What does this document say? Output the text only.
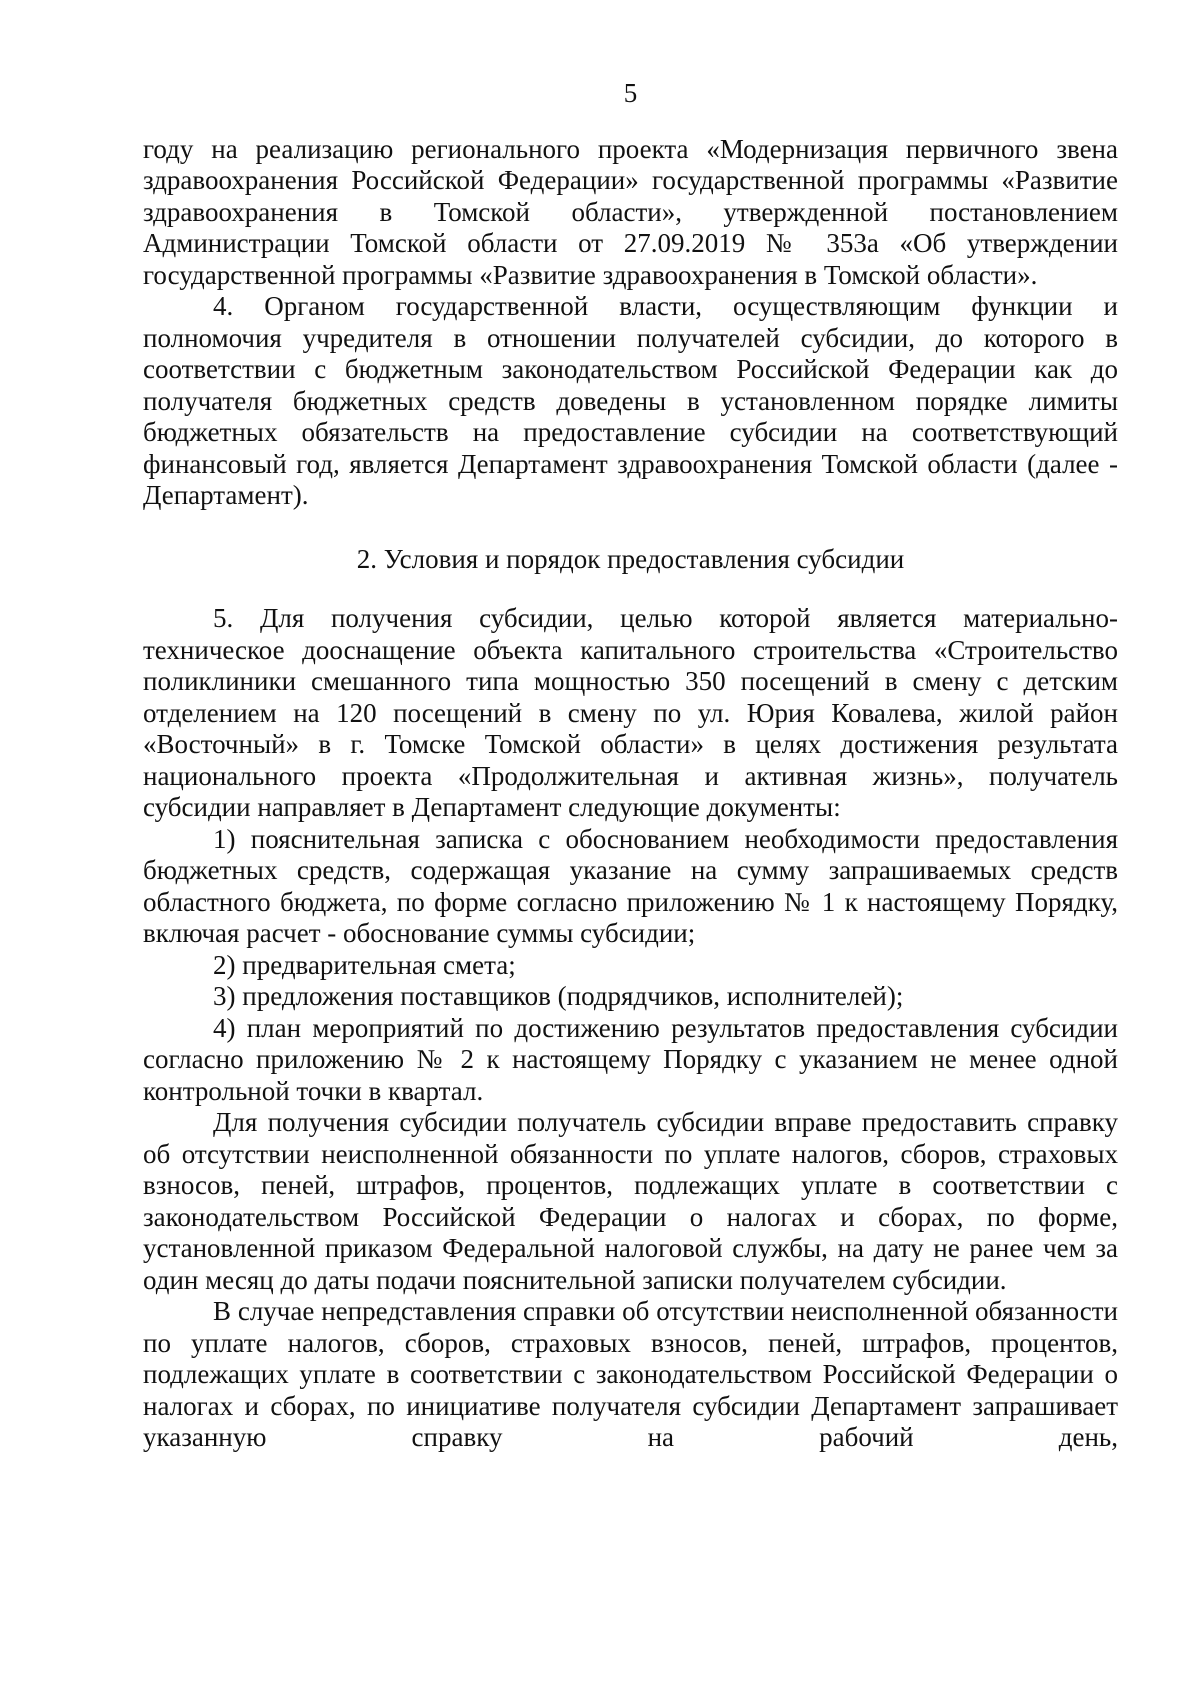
5

году на реализацию регионального проекта «Модернизация первичного звена здравоохранения Российской Федерации» государственной программы «Развитие здравоохранения в Томской области», утвержденной постановлением Администрации Томской области от 27.09.2019 № 353а «Об утверждении государственной программы «Развитие здравоохранения в Томской области».

4. Органом государственной власти, осуществляющим функции и полномочия учредителя в отношении получателей субсидии, до которого в соответствии с бюджетным законодательством Российской Федерации как до получателя бюджетных средств доведены в установленном порядке лимиты бюджетных обязательств на предоставление субсидии на соответствующий финансовый год, является Департамент здравоохранения Томской области (далее - Департамент).

2. Условия и порядок предоставления субсидии

5. Для получения субсидии, целью которой является материально-техническое дооснащение объекта капитального строительства «Строительство поликлиники смешанного типа мощностью 350 посещений в смену с детским отделением на 120 посещений в смену по ул. Юрия Ковалева, жилой район «Восточный» в г. Томске Томской области» в целях достижения результата национального проекта «Продолжительная и активная жизнь», получатель субсидии направляет в Департамент следующие документы:

1) пояснительная записка с обоснованием необходимости предоставления бюджетных средств, содержащая указание на сумму запрашиваемых средств областного бюджета, по форме согласно приложению № 1 к настоящему Порядку, включая расчет - обоснование суммы субсидии;

2) предварительная смета;

3) предложения поставщиков (подрядчиков, исполнителей);

4) план мероприятий по достижению результатов предоставления субсидии согласно приложению № 2 к настоящему Порядку с указанием не менее одной контрольной точки в квартал.

Для получения субсидии получатель субсидии вправе предоставить справку об отсутствии неисполненной обязанности по уплате налогов, сборов, страховых взносов, пеней, штрафов, процентов, подлежащих уплате в соответствии с законодательством Российской Федерации о налогах и сборах, по форме, установленной приказом Федеральной налоговой службы, на дату не ранее чем за один месяц до даты подачи пояснительной записки получателем субсидии.

В случае непредставления справки об отсутствии неисполненной обязанности по уплате налогов, сборов, страховых взносов, пеней, штрафов, процентов, подлежащих уплате в соответствии с законодательством Российской Федерации о налогах и сборах, по инициативе получателя субсидии Департамент запрашивает указанную справку на рабочий день,
